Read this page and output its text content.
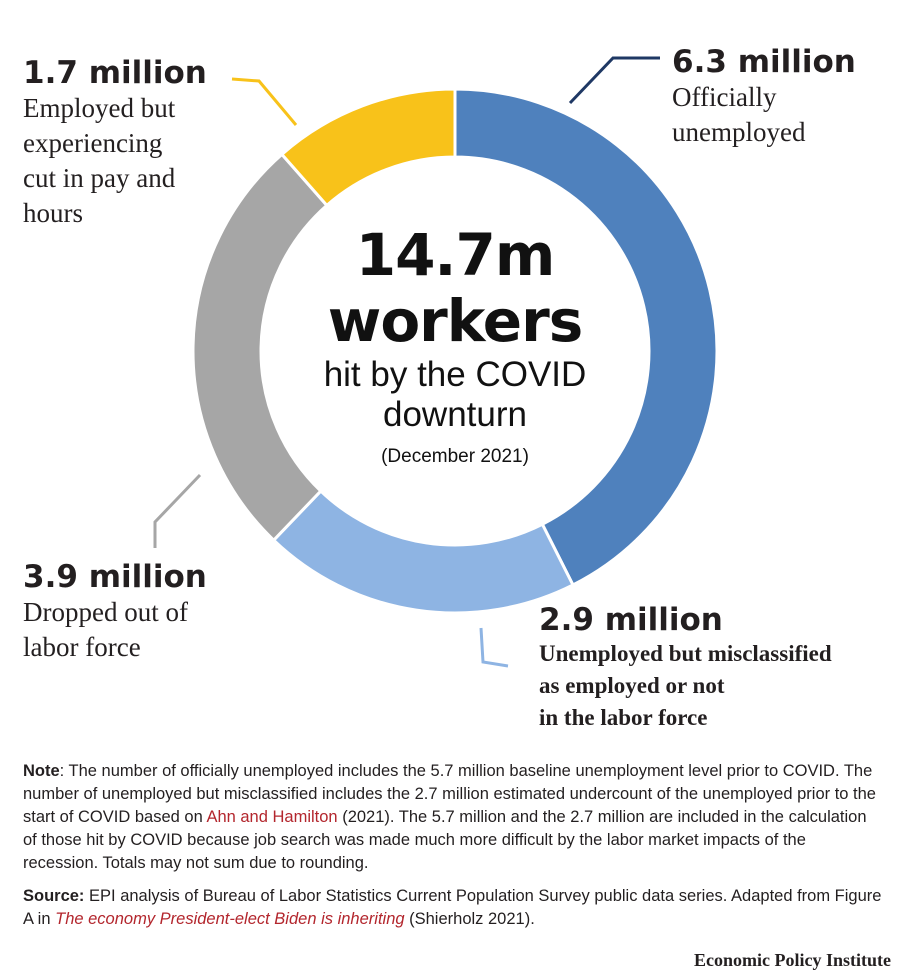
14.7m
workers
hit by the COVID
downturn
(December 2021)
6.3 million
Officially
unemployed
2.9 million
Unemployed but misclassified
as employed or not
in the labor force
3.9 million
Dropped out of
labor force
1.7 million
Employed but
experiencing
cut in pay and
hours
Note: The number of officially unemployed includes the 5.7 million baseline unemployment level prior to COVID. The number of unemployed but misclassified includes the 2.7 million estimated undercount of the unemployed prior to the start of COVID based on Ahn and Hamilton (2021). The 5.7 million and the 2.7 million are included in the calculation of those hit by COVID because job search was made much more difficult by the labor market impacts of the recession. Totals may not sum due to rounding.
Source: EPI analysis of Bureau of Labor Statistics Current Population Survey public data series. Adapted from Figure A in The economy President-elect Biden is inheriting (Shierholz 2021).
Economic Policy Institute
